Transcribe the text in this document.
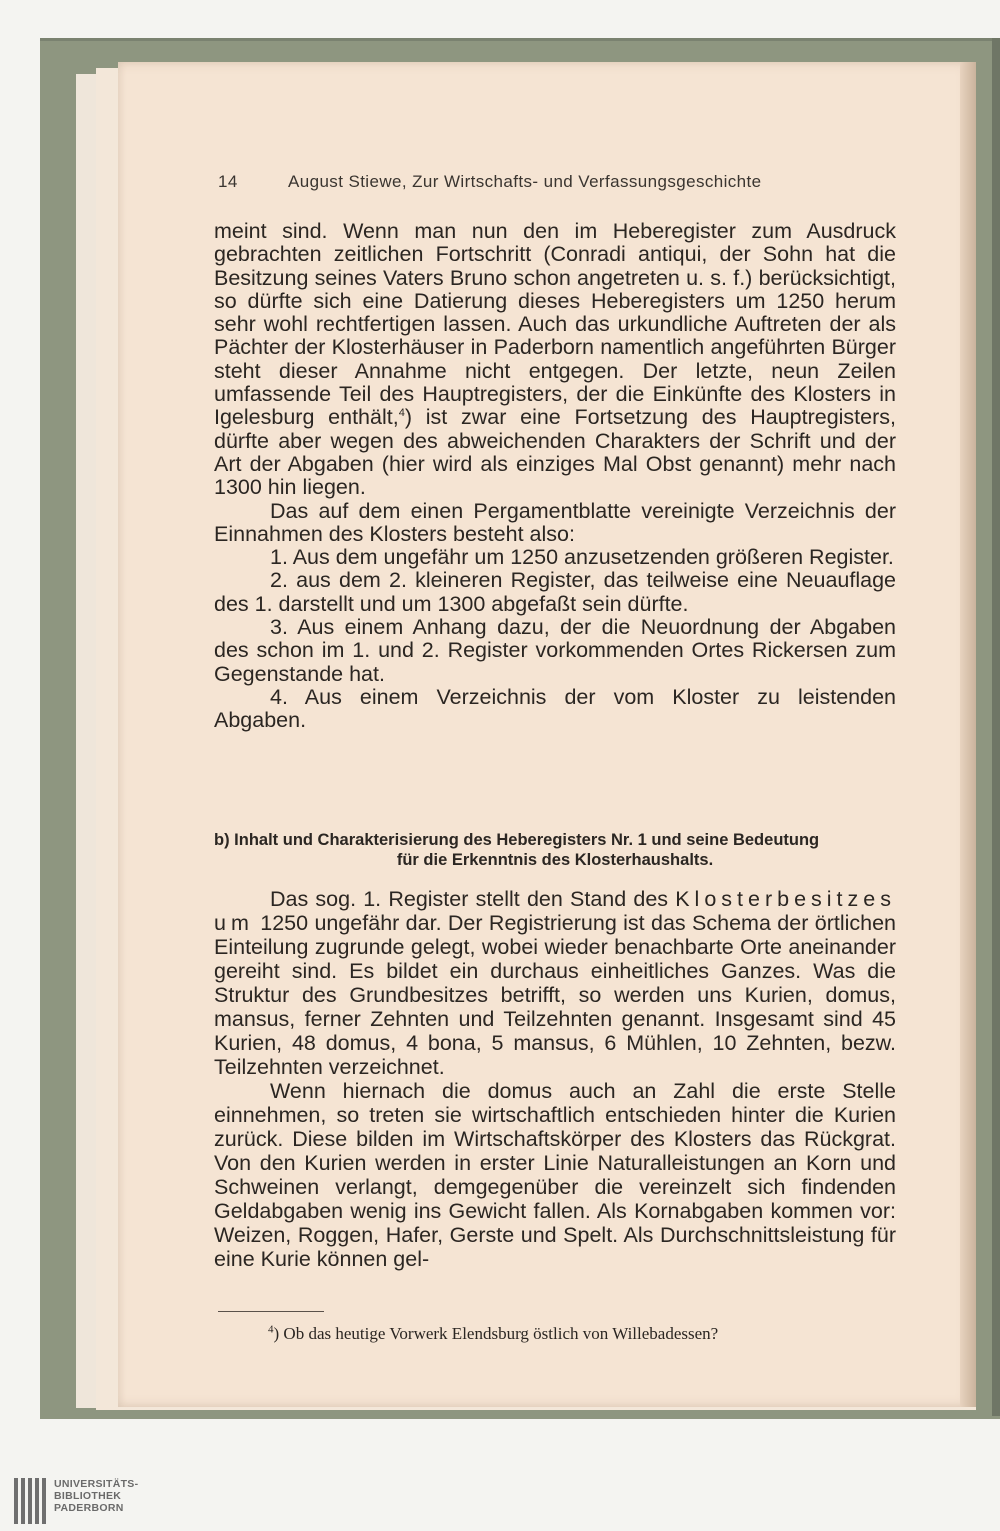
14	August Stiewe, Zur Wirtschafts- und Verfassungsgeschichte

meint sind. Wenn man nun den im Heberegister zum Ausdruck gebrachten zeitlichen Fortschritt (Conradi antiqui, der Sohn hat die Besitzung seines Vaters Bruno schon angetreten u. s. f.) berücksichtigt, so dürfte sich eine Datierung dieses Heberegisters um 1250 herum sehr wohl rechtfertigen lassen. Auch das urkundliche Auftreten der als Pächter der Klosterhäuser in Paderborn namentlich angeführten Bürger steht dieser Annahme nicht entgegen. Der letzte, neun Zeilen umfassende Teil des Hauptregisters, der die Einkünfte des Klosters in Igelesburg enthält,$^4$) ist zwar eine Fortsetzung des Hauptregisters, dürfte aber wegen des abweichenden Charakters der Schrift und der Art der Abgaben (hier wird als einziges Mal Obst genannt) mehr nach 1300 hin liegen.

Das auf dem einen Pergamentblatte vereinigte Verzeichnis der Einnahmen des Klosters besteht also:

1. Aus dem ungefähr um 1250 anzusetzenden größeren Register.

2. aus dem 2. kleineren Register, das teilweise eine Neuauflage des 1. darstellt und um 1300 abgefaßt sein dürfte.

3. Aus einem Anhang dazu, der die Neuordnung der Abgaben des schon im 1. und 2. Register vorkommenden Ortes Rickersen zum Gegenstande hat.

4. Aus einem Verzeichnis der vom Kloster zu leistenden Abgaben.

b) Inhalt und Charakterisierung des Heberegisters Nr. 1 und seine Bedeutung
für die Erkenntnis des Klosterhaushalts.

Das sog. 1. Register stellt den Stand des Klosterbesitzes um 1250 ungefähr dar. Der Registrierung ist das Schema der örtlichen Einteilung zugrunde gelegt, wobei wieder benachbarte Orte aneinander gereiht sind. Es bildet ein durchaus einheitliches Ganzes. Was die Struktur des Grundbesitzes betrifft, so werden uns Kurien, domus, mansus, ferner Zehnten und Teilzehnten genannt. Insgesamt sind 45 Kurien, 48 domus, 4 bona, 5 mansus, 6 Mühlen, 10 Zehnten, bezw. Teilzehnten verzeichnet.

Wenn hiernach die domus auch an Zahl die erste Stelle einnehmen, so treten sie wirtschaftlich entschieden hinter die Kurien zurück. Diese bilden im Wirtschaftskörper des Klosters das Rückgrat. Von den Kurien werden in erster Linie Naturalleistungen an Korn und Schweinen verlangt, demgegenüber die vereinzelt sich findenden Geldabgaben wenig ins Gewicht fallen. Als Kornabgaben kommen vor: Weizen, Roggen, Hafer, Gerste und Spelt. Als Durchschnittsleistung für eine Kurie können gel-

$^4$) Ob das heutige Vorwerk Elendsburg östlich von Willebadessen?
UNIVERSITÄTS-
BIBLIOTHEK
PADERBORN
